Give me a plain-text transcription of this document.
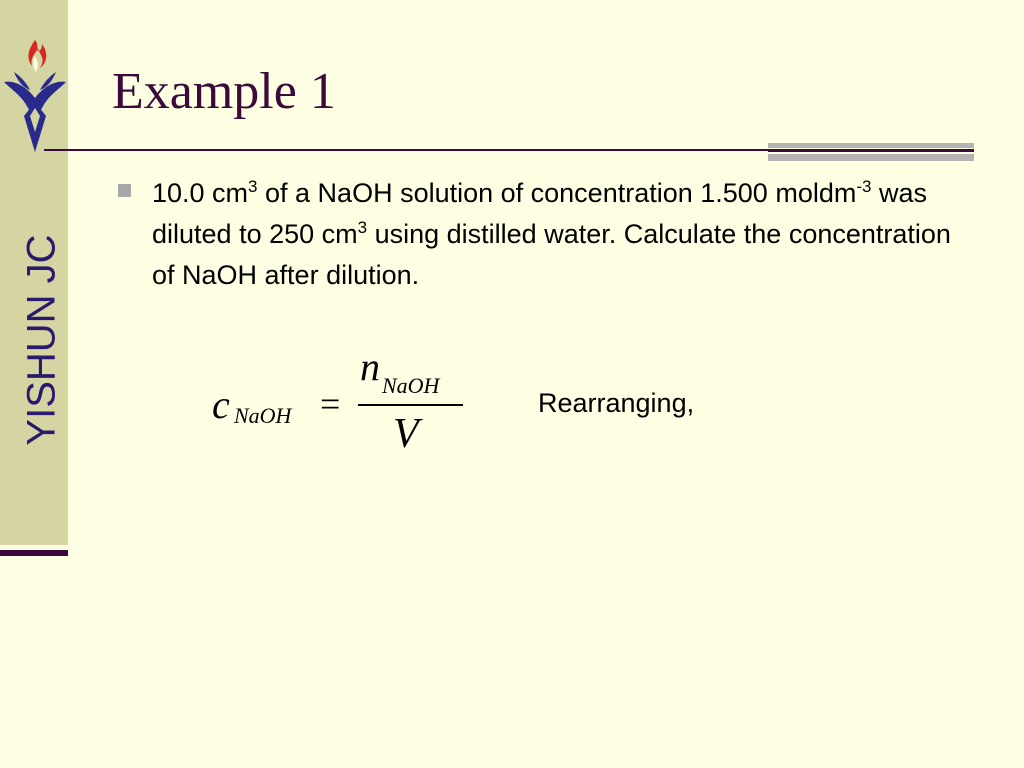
YISHUN JC
Example 1

10.0 $cm^3$ of a NaOH solution of concentration 1.500 moldm$^{-3}$ was diluted to 250 $cm^3$ using distilled water. Calculate the concentration of NaOH after dilution.

c NaOH =
n NaOH
V
Rearranging,
